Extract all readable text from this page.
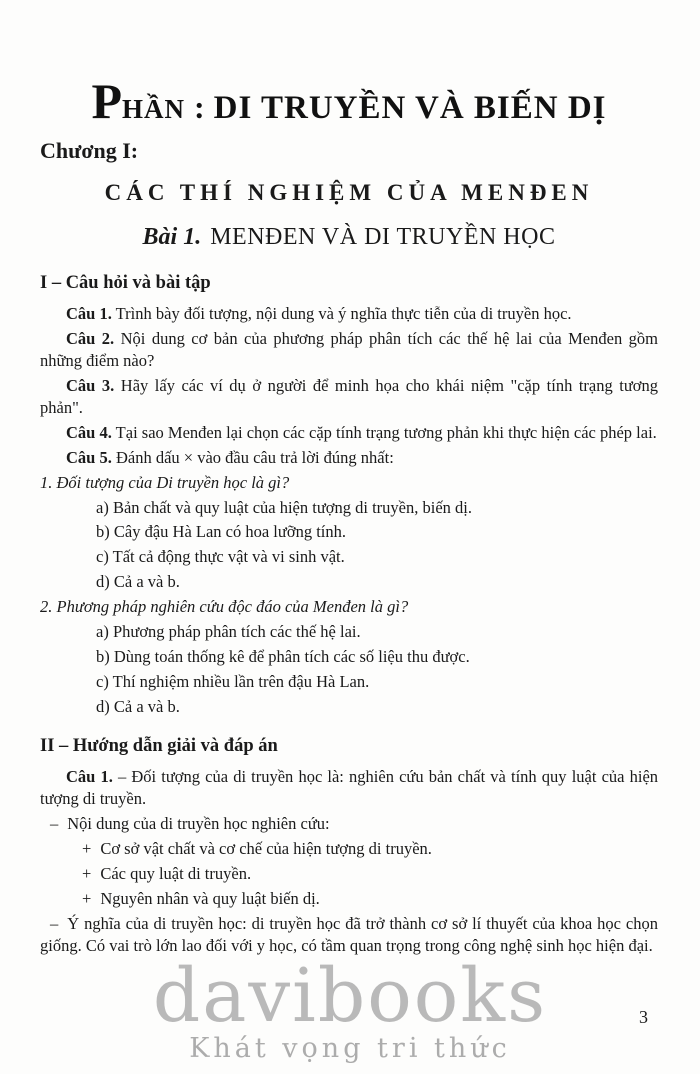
PHẦN : DI TRUYỀN VÀ BIẾN DỊ
Chương I:
CÁC THÍ NGHIỆM CỦA MENĐEN
Bài 1. MENĐEN VÀ DI TRUYỀN HỌC
I – Câu hỏi và bài tập

Câu 1. Trình bày đối tượng, nội dung và ý nghĩa thực tiễn của di truyền học.

Câu 2. Nội dung cơ bản của phương pháp phân tích các thế hệ lai của Menđen gồm những điểm nào?

Câu 3. Hãy lấy các ví dụ ở người để minh họa cho khái niệm "cặp tính trạng tương phản".

Câu 4. Tại sao Menđen lại chọn các cặp tính trạng tương phản khi thực hiện các phép lai.

Câu 5. Đánh dấu × vào đầu câu trả lời đúng nhất:

1. Đối tượng của Di truyền học là gì?

a) Bản chất và quy luật của hiện tượng di truyền, biến dị.

b) Cây đậu Hà Lan có hoa lưỡng tính.

c) Tất cả động thực vật và vi sinh vật.

d) Cả a và b.

2. Phương pháp nghiên cứu độc đáo của Menđen là gì?

a) Phương pháp phân tích các thế hệ lai.

b) Dùng toán thống kê để phân tích các số liệu thu được.

c) Thí nghiệm nhiều lần trên đậu Hà Lan.

d) Cả a và b.

II – Hướng dẫn giải và đáp án

Câu 1. – Đối tượng của di truyền học là: nghiên cứu bản chất và tính quy luật của hiện tượng di truyền.

– Nội dung của di truyền học nghiên cứu:

+ Cơ sở vật chất và cơ chế của hiện tượng di truyền.

+ Các quy luật di truyền.

+ Nguyên nhân và quy luật biến dị.

– Ý nghĩa của di truyền học: di truyền học đã trở thành cơ sở lí thuyết của khoa học chọn giống. Có vai trò lớn lao đối với y học, có tầm quan trọng trong công nghệ sinh học hiện đại.

davibooks
Khát vọng tri thức
3
